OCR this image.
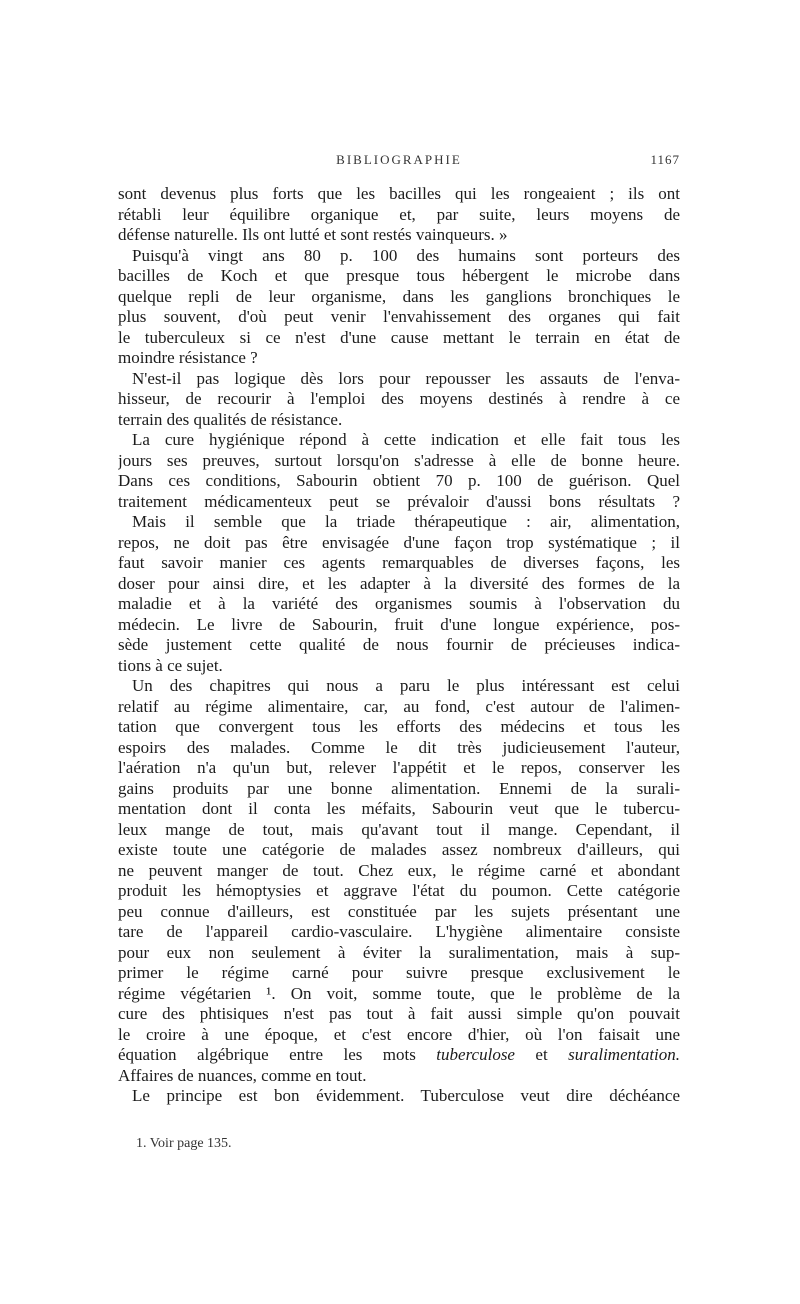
BIBLIOGRAPHIE	1167
sont devenus plus forts que les bacilles qui les rongeaient ; ils ont
rétabli leur équilibre organique et, par suite, leurs moyens de
défense naturelle. Ils ont lutté et sont restés vainqueurs. »
Puisqu'à vingt ans 80 p. 100 des humains sont porteurs des
bacilles de Koch et que presque tous hébergent le microbe dans
quelque repli de leur organisme, dans les ganglions bronchiques le
plus souvent, d'où peut venir l'envahissement des organes qui fait
le tuberculeux si ce n'est d'une cause mettant le terrain en état de
moindre résistance ?
N'est-il pas logique dès lors pour repousser les assauts de l'enva-
hisseur, de recourir à l'emploi des moyens destinés à rendre à ce
terrain des qualités de résistance.
La cure hygiénique répond à cette indication et elle fait tous les
jours ses preuves, surtout lorsqu'on s'adresse à elle de bonne heure.
Dans ces conditions, Sabourin obtient 70 p. 100 de guérison. Quel
traitement médicamenteux peut se prévaloir d'aussi bons résultats ?
Mais il semble que la triade thérapeutique : air, alimentation,
repos, ne doit pas être envisagée d'une façon trop systématique ; il
faut savoir manier ces agents remarquables de diverses façons, les
doser pour ainsi dire, et les adapter à la diversité des formes de la
maladie et à la variété des organismes soumis à l'observation du
médecin. Le livre de Sabourin, fruit d'une longue expérience, pos-
sède justement cette qualité de nous fournir de précieuses indica-
tions à ce sujet.
Un des chapitres qui nous a paru le plus intéressant est celui
relatif au régime alimentaire, car, au fond, c'est autour de l'alimen-
tation que convergent tous les efforts des médecins et tous les
espoirs des malades. Comme le dit très judicieusement l'auteur,
l'aération n'a qu'un but, relever l'appétit et le repos, conserver les
gains produits par une bonne alimentation. Ennemi de la surali-
mentation dont il conta les méfaits, Sabourin veut que le tubercu-
leux mange de tout, mais qu'avant tout il mange. Cependant, il
existe toute une catégorie de malades assez nombreux d'ailleurs, qui
ne peuvent manger de tout. Chez eux, le régime carné et abondant
produit les hémoptysies et aggrave l'état du poumon. Cette catégorie
peu connue d'ailleurs, est constituée par les sujets présentant une
tare de l'appareil cardio-vasculaire. L'hygiène alimentaire consiste
pour eux non seulement à éviter la suralimentation, mais à sup-
primer le régime carné pour suivre presque exclusivement le
régime végétarien ¹. On voit, somme toute, que le problème de la
cure des phtisiques n'est pas tout à fait aussi simple qu'on pouvait
le croire à une époque, et c'est encore d'hier, où l'on faisait une
équation algébrique entre les mots tuberculose et suralimentation.
Affaires de nuances, comme en tout.
Le principe est bon évidemment. Tuberculose veut dire déchéance
1. Voir page 135.
